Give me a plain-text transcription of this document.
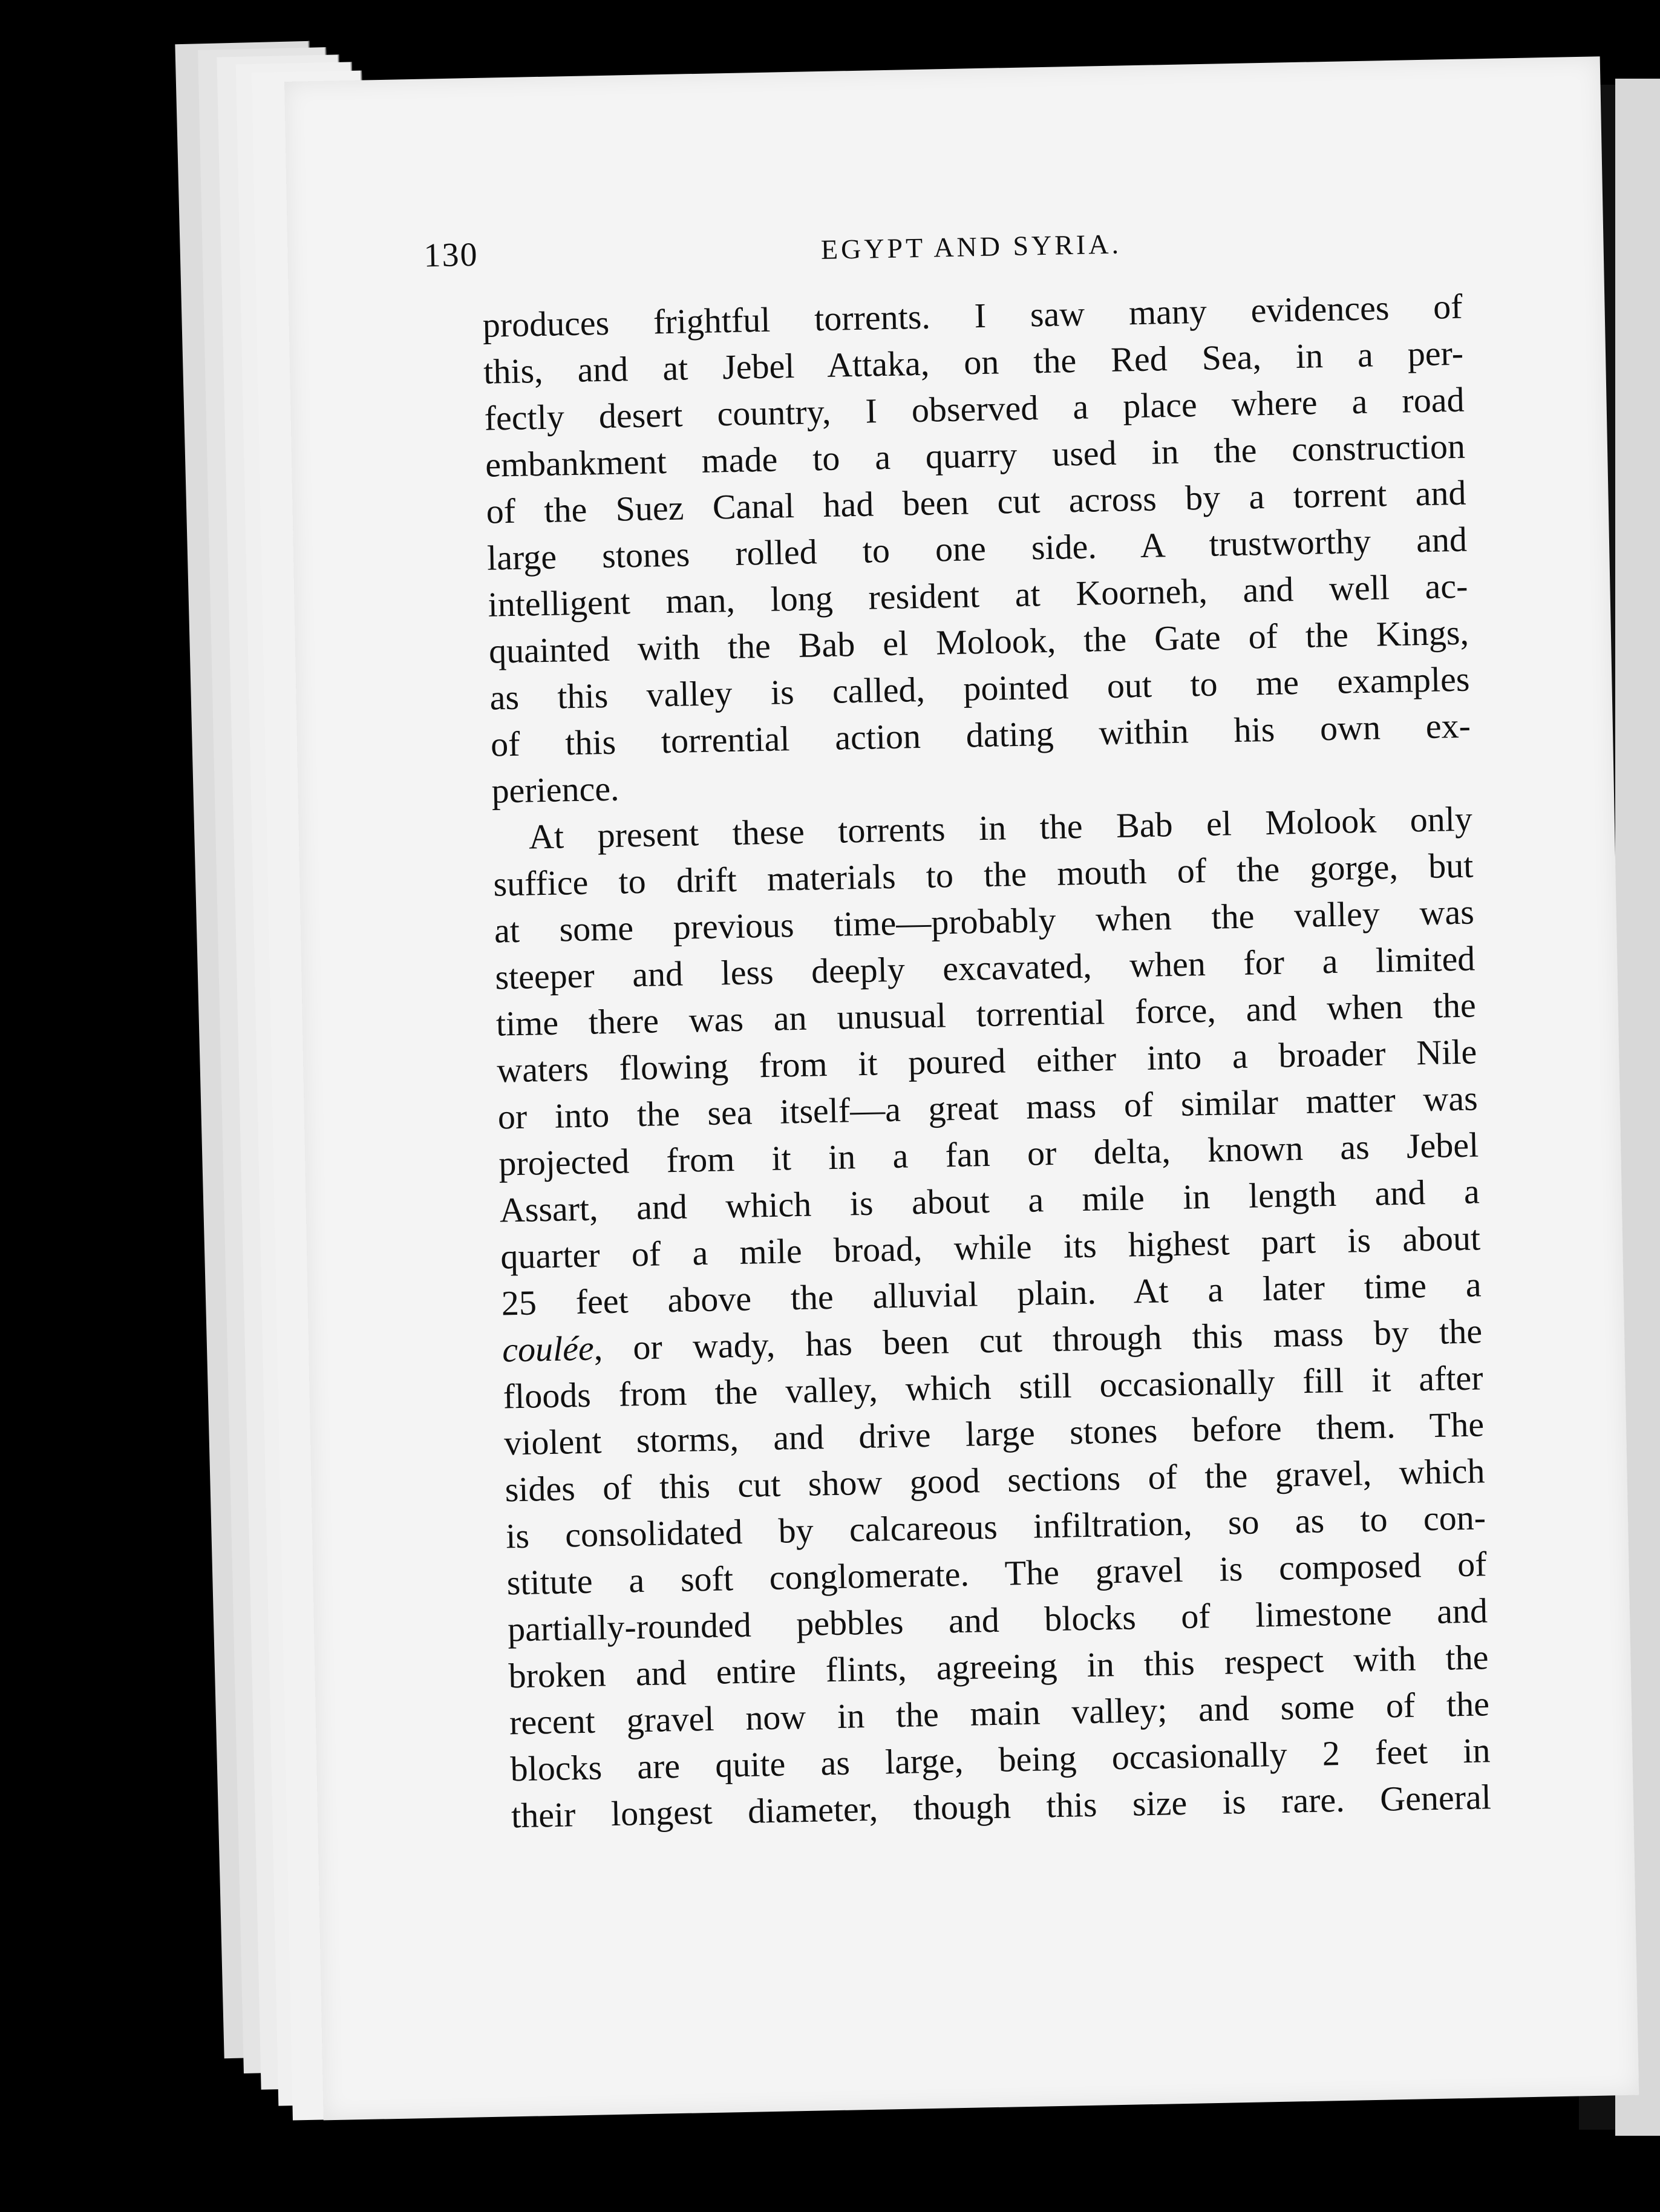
130	EGYPT AND SYRIA.
produces frightful torrents. I saw many evidences of
this, and at Jebel Attaka, on the Red Sea, in a per-
fectly desert country, I observed a place where a road
embankment made to a quarry used in the construction
of the Suez Canal had been cut across by a torrent and
large stones rolled to one side. A trustworthy and
intelligent man, long resident at Koorneh, and well ac-
quainted with the Bab el Molook, the Gate of the Kings,
as this valley is called, pointed out to me examples
of this torrential action dating within his own ex-
perience.
At present these torrents in the Bab el Molook only
suffice to drift materials to the mouth of the gorge, but
at some previous time—probably when the valley was
steeper and less deeply excavated, when for a limited
time there was an unusual torrential force, and when the
waters flowing from it poured either into a broader Nile
or into the sea itself—a great mass of similar matter was
projected from it in a fan or delta, known as Jebel
Assart, and which is about a mile in length and a
quarter of a mile broad, while its highest part is about
25 feet above the alluvial plain. At a later time a
coulée, or wady, has been cut through this mass by the
floods from the valley, which still occasionally fill it after
violent storms, and drive large stones before them. The
sides of this cut show good sections of the gravel, which
is consolidated by calcareous infiltration, so as to con-
stitute a soft conglomerate. The gravel is composed of
partially-rounded pebbles and blocks of limestone and
broken and entire flints, agreeing in this respect with the
recent gravel now in the main valley; and some of the
blocks are quite as large, being occasionally 2 feet in
their longest diameter, though this size is rare. General
